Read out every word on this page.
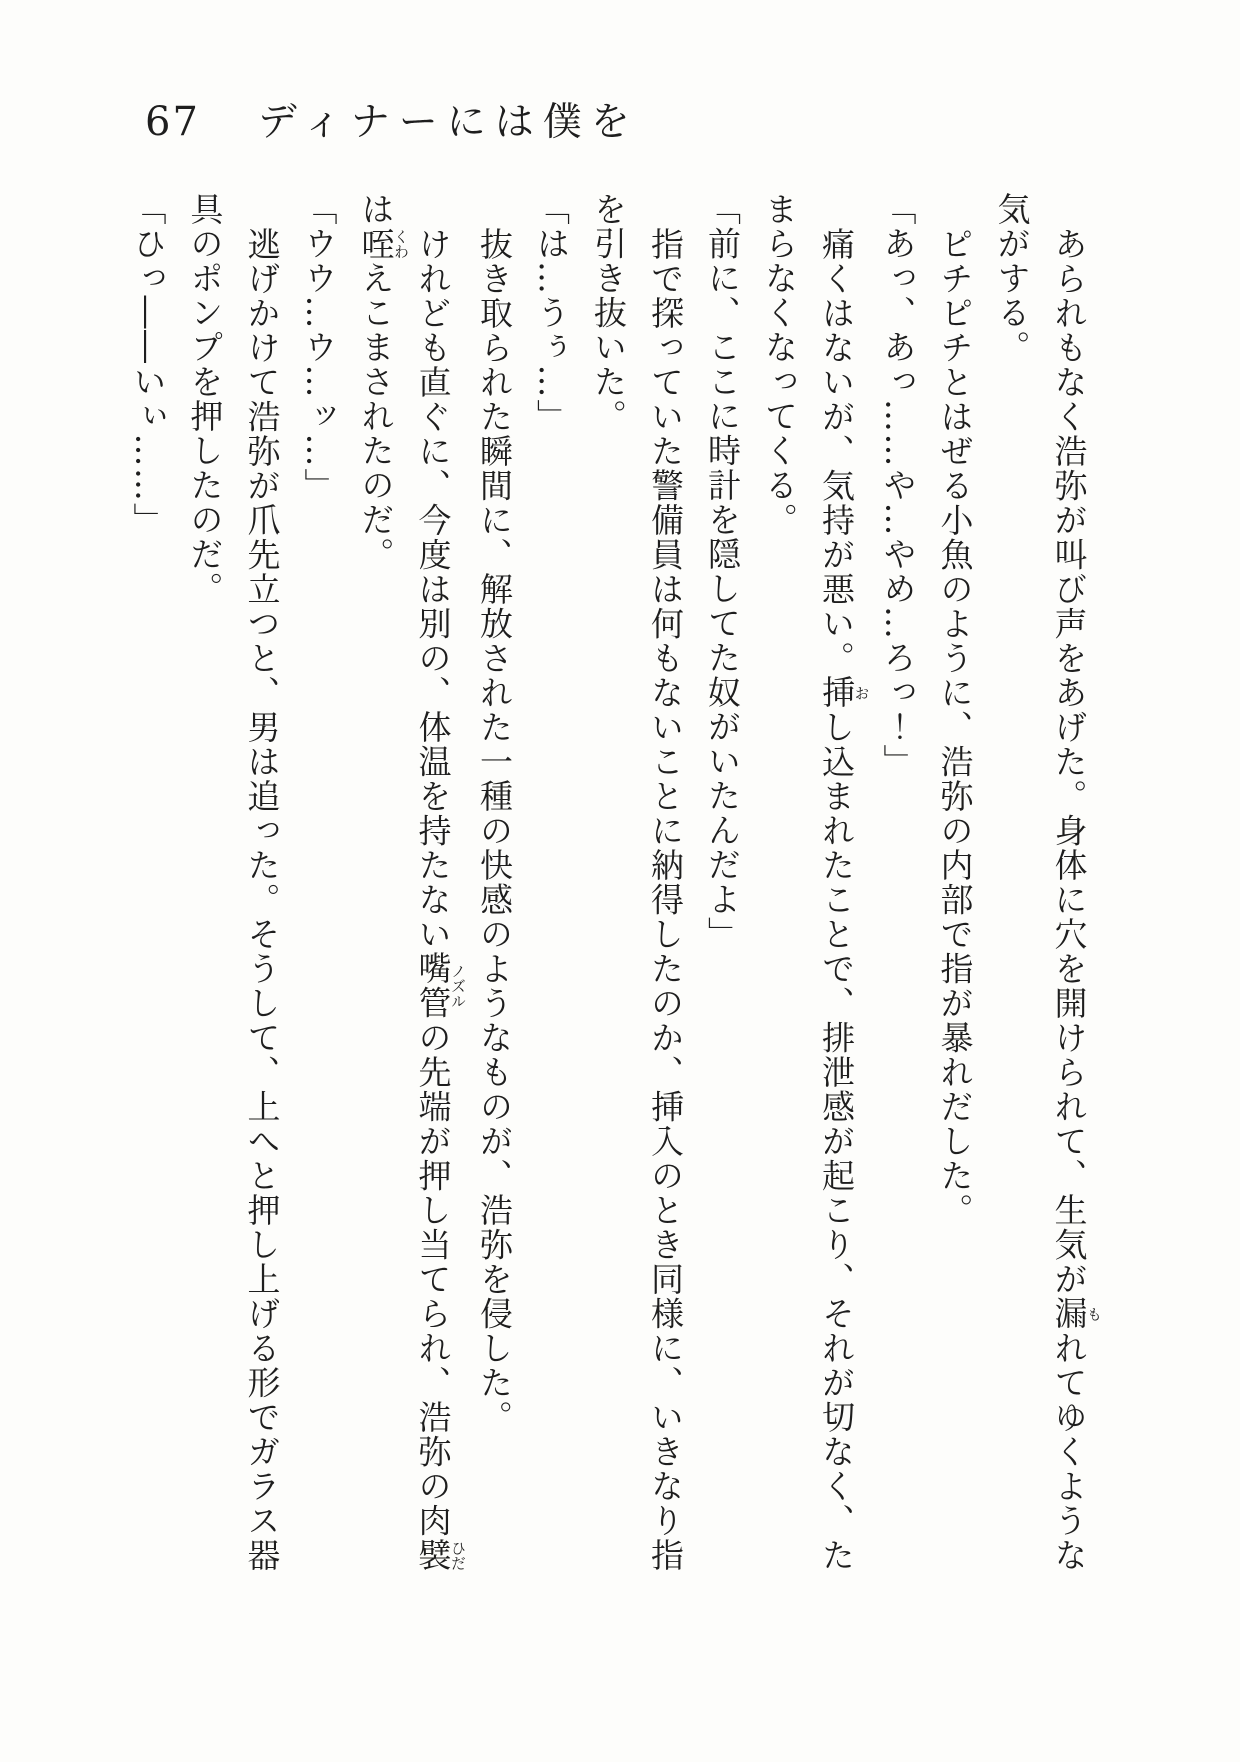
67 ディナーには僕を

あられもなく浩弥が叫び声をあげた。身体に穴を開けられて、生気が漏もれてゆくような気がする。

ピチピチとはぜる小魚のように、浩弥の内部で指が暴れだした。

「あっ、あっ……や…やめ…ろっ！」

痛くはないが、気持が悪い。挿おし込まれたことで、排泄感が起こり、それが切なく、たまらなくなってくる。

「前に、ここに時計を隠してた奴がいたんだよ」

指で探っていた警備員は何もないことに納得したのか、挿入のとき同様に、いきなり指を引き抜いた。

「は…うぅ…」

抜き取られた瞬間に、解放された一種の快感のようなものが、浩弥を侵した。

けれども直ぐに、今度は別の、体温を持たない嘴管ノズルの先端が押し当てられ、浩弥の肉襞ひだは咥くわえこまされたのだ。

「ウウ…ウ…ッ…」

逃げかけて浩弥が爪先立つと、男は追った。そうして、上へと押し上げる形でガラス器具のポンプを押したのだ。

「ひっ――いぃ……」
